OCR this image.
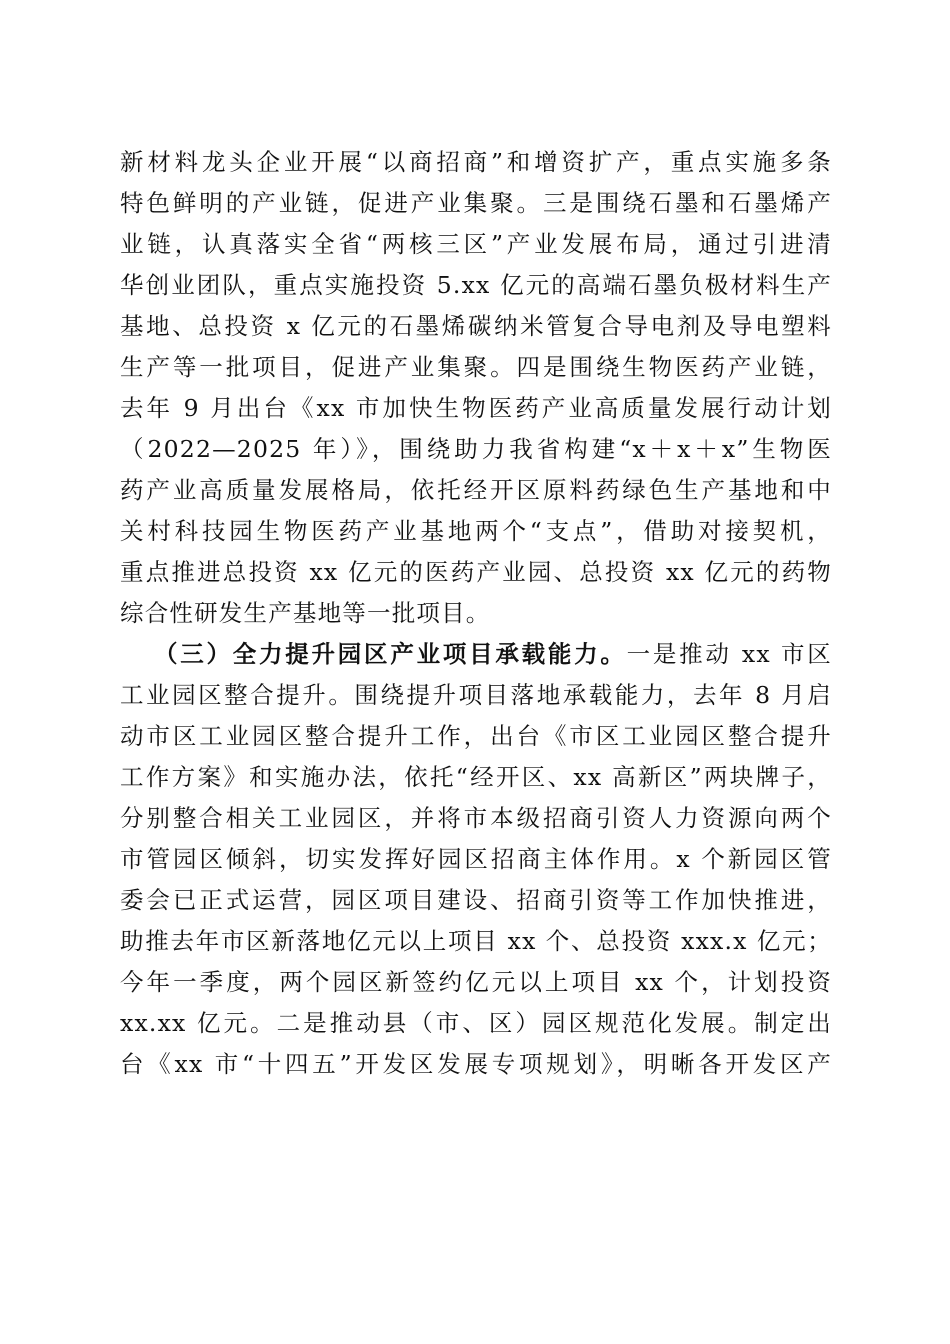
新材料龙头企业开展“以商招商”和增资扩产，重点实施多条
特色鲜明的产业链，促进产业集聚。三是围绕石墨和石墨烯产
业链，认真落实全省“两核三区”产业发展布局，通过引进清
华创业团队，重点实施投资 5.xx 亿元的高端石墨负极材料生产
基地、总投资 x 亿元的石墨烯碳纳米管复合导电剂及导电塑料
生产等一批项目，促进产业集聚。四是围绕生物医药产业链，
去年 9 月出台《xx 市加快生物医药产业高质量发展行动计划
（2022—2025 年）》，围绕助力我省构建“x＋x＋x”生物医
药产业高质量发展格局，依托经开区原料药绿色生产基地和中
关村科技园生物医药产业基地两个“支点”，借助对接契机，
重点推进总投资 xx 亿元的医药产业园、总投资 xx 亿元的药物
综合性研发生产基地等一批项目。
（三）全力提升园区产业项目承载能力。一是推动 xx 市区
工业园区整合提升。围绕提升项目落地承载能力，去年 8 月启
动市区工业园区整合提升工作，出台《市区工业园区整合提升
工作方案》和实施办法，依托“经开区、xx 高新区”两块牌子，
分别整合相关工业园区，并将市本级招商引资人力资源向两个
市管园区倾斜，切实发挥好园区招商主体作用。x 个新园区管
委会已正式运营，园区项目建设、招商引资等工作加快推进，
助推去年市区新落地亿元以上项目 xx 个、总投资 xxx.x 亿元；
今年一季度，两个园区新签约亿元以上项目 xx 个，计划投资
xx.xx 亿元。二是推动县（市、区）园区规范化发展。制定出
台《xx 市“十四五”开发区发展专项规划》，明晰各开发区产
